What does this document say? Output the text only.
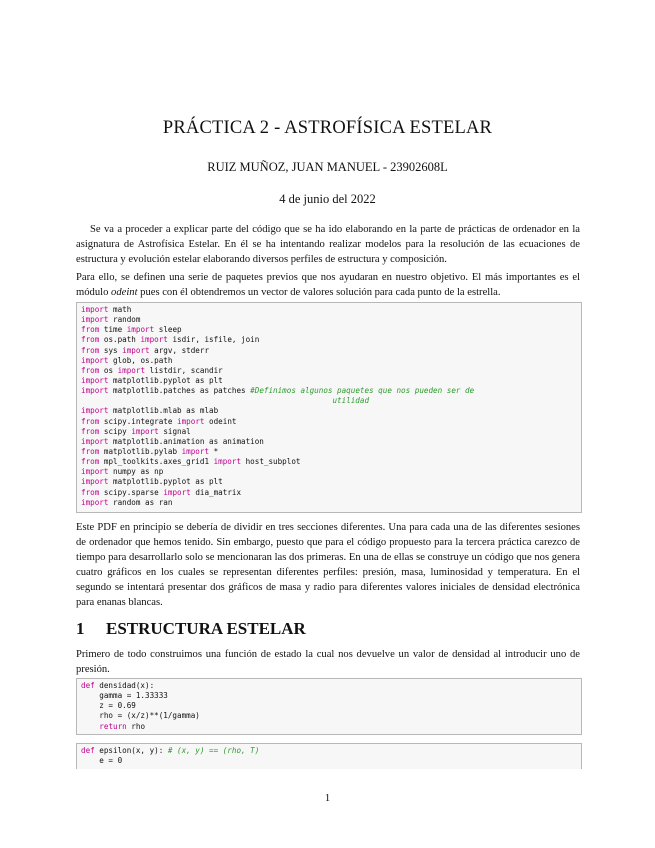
PRÁCTICA 2 - ASTROFÍSICA ESTELAR
RUIZ MUÑOZ, JUAN MANUEL - 23902608L
4 de junio del 2022

Se va a proceder a explicar parte del código que se ha ido elaborando en la parte de prácticas de ordenador en la asignatura de Astrofísica Estelar. En él se ha intentando realizar modelos para la resolución de las ecuaciones de estructura y evolución estelar elaborando diversos perfiles de estructura y composición.

Para ello, se definen una serie de paquetes previos que nos ayudaran en nuestro objetivo. El más importantes es el módulo odeint pues con él obtendremos un vector de valores solución para cada punto de la estrella.

import math
import random
from time import sleep
from os.path import isdir, isfile, join
from sys import argv, stderr
import glob, os.path
from os import listdir, scandir
import matplotlib.pyplot as plt
import matplotlib.patches as patches #Definimos algunos paquetes que nos pueden ser de
utilidad
import matplotlib.mlab as mlab
from scipy.integrate import odeint
from scipy import signal
import matplotlib.animation as animation
from matplotlib.pylab import *
from mpl_toolkits.axes_grid1 import host_subplot
import numpy as np
import matplotlib.pyplot as plt
from scipy.sparse import dia_matrix
import random as ran

Este PDF en principio se debería de dividir en tres secciones diferentes. Una para cada una de las diferentes sesiones de ordenador que hemos tenido. Sin embargo, puesto que para el código propuesto para la tercera práctica carezco de tiempo para desarrollarlo solo se mencionaran las dos primeras. En una de ellas se construye un código que nos genera cuatro gráficos en los cuales se representan diferentes perfiles: presión, masa, luminosidad y temperatura. En el segundo se intentará presentar dos gráficos de masa y radio para diferentes valores iniciales de densidad electrónica para enanas blancas.

1 ESTRUCTURA ESTELAR

Primero de todo construimos una función de estado la cual nos devuelve un valor de densidad al introducir uno de presión.

def densidad(x):
gamma = 1.33333
z = 0.69
rho = (x/z)**(1/gamma)
return rho
def epsilon(x, y): # (x, y) == (rho, T)
e = 0
1
